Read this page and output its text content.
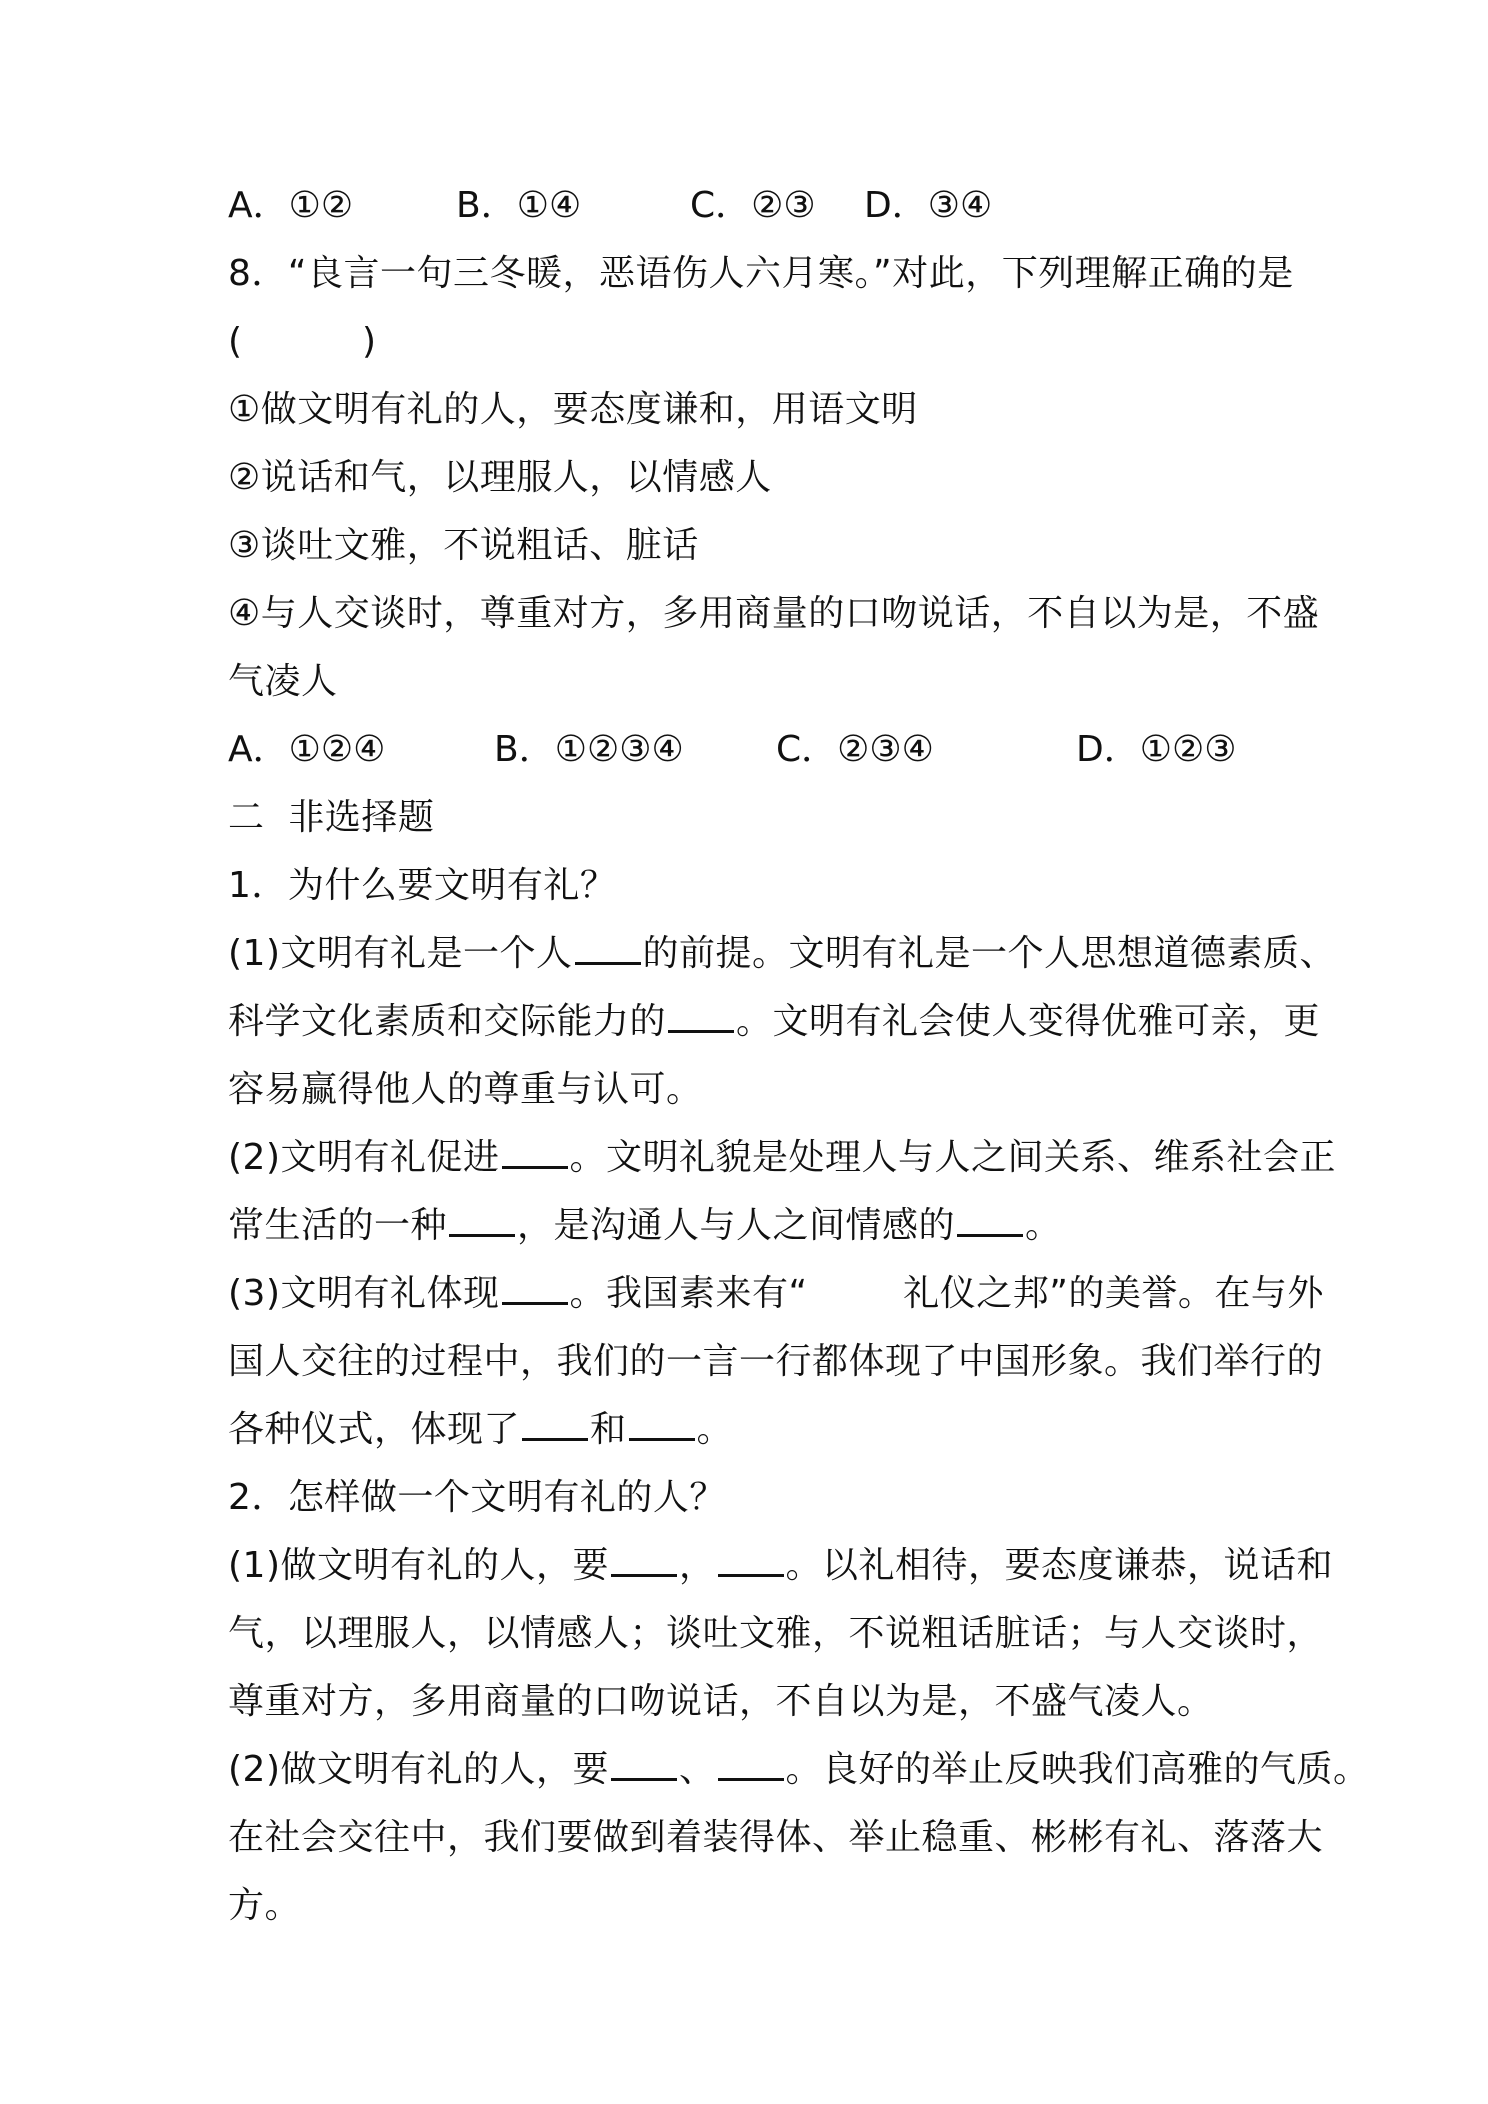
A．①②	B．①④	C．②③ D．③④
8．“良言一句三冬暖，恶语伤人六月寒。”对此，下列理解正确的是
(          )
①做文明有礼的人，要态度谦和，用语文明
②说话和气，以理服人，以情感人
③谈吐文雅，不说粗话、脏话
④与人交谈时，尊重对方，多用商量的口吻说话，不自以为是，不盛
气凌人
A．①②④	B．①②③④	C．②③④	D．①②③
二  非选择题
1．为什么要文明有礼？
(1)文明有礼是一个人 的前提。文明有礼是一个人思想道德素质、
科学文化素质和交际能力的 。文明有礼会使人变得优雅可亲，更
容易赢得他人的尊重与认可。
(2)文明有礼促进 。文明礼貌是处理人与人之间关系、维系社会正
常生活的一种 ，是沟通人与人之间情感的 。
(3)文明有礼体现 。我国素来有“        礼仪之邦”的美誉。在与外
国人交往的过程中，我们的一言一行都体现了中国形象。我们举行的
各种仪式，体现了 和 。
2．怎样做一个文明有礼的人？
(1)做文明有礼的人，要 ， 。以礼相待，要态度谦恭，说话和
气，以理服人，以情感人；谈吐文雅，不说粗话脏话；与人交谈时，
尊重对方，多用商量的口吻说话，不自以为是，不盛气凌人。
(2)做文明有礼的人，要 、 。良好的举止反映我们高雅的气质。
在社会交往中，我们要做到着装得体、举止稳重、彬彬有礼、落落大
方。
